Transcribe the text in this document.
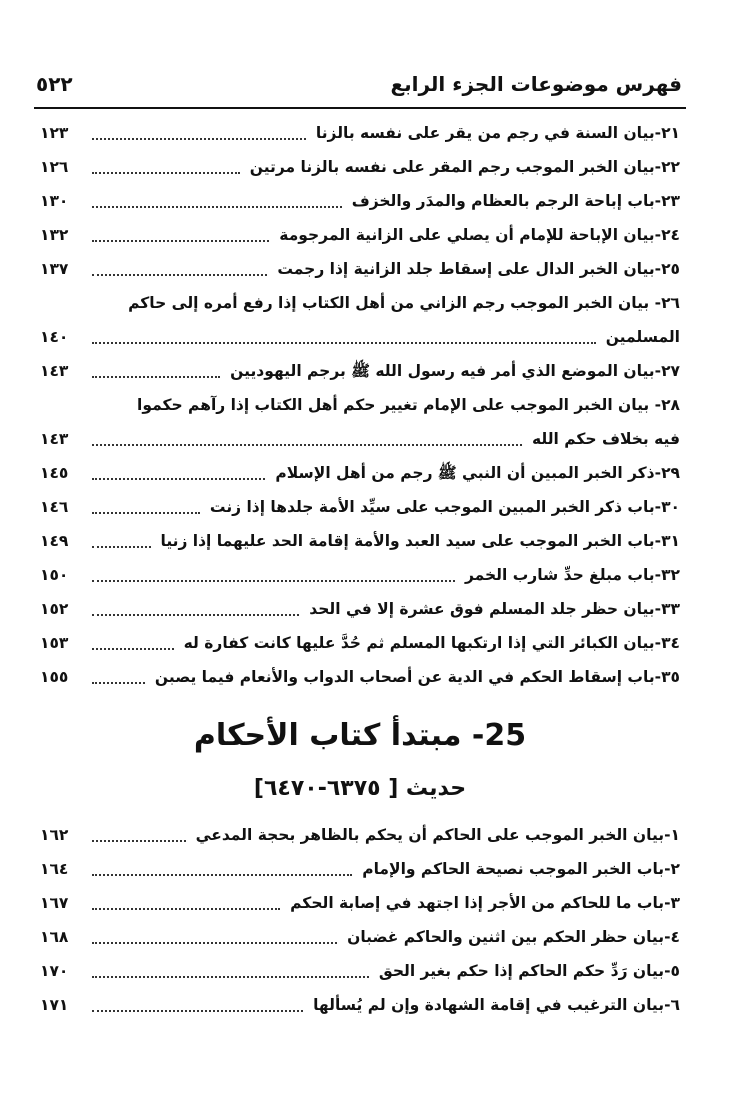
٥٢٢	فهرس موضوعات الجزء الرابع
٢١-
بيان السنة في رجم من يقر على نفسه بالزنا
١٢٣
٢٢-
بيان الخبر الموجب رجم المقر على نفسه بالزنا مرتين
١٢٦
٢٣-
باب إباحة الرجم بالعظام والمدَر والخزف
١٣٠
٢٤-
بيان الإباحة للإمام أن يصلي على الزانية المرجومة
١٣٢
٢٥-
بيان الخبر الدال على إسقاط جلد الزانية إذا رجمت
١٣٧
٢٦- بيان الخبر الموجب رجم الزاني من أهل الكتاب إذا رفع أمره إلى حاكم
المسلمين
١٤٠
٢٧-
بيان الموضع الذي أمر فيه رسول الله ﷺ برجم اليهوديين
١٤٣
٢٨- بيان الخبر الموجب على الإمام تغيير حكم أهل الكتاب إذا رآهم حكموا
فيه بخلاف حكم الله
١٤٣
٢٩-
ذكر الخبر المبين أن النبي ﷺ رجم من أهل الإسلام
١٤٥
٣٠-
باب ذكر الخبر المبين الموجب على سيِّد الأمة جلدها إذا زنت
١٤٦
٣١-
باب الخبر الموجب على سيد العبد والأمة إقامة الحد عليهما إذا زنيا
١٤٩
٣٢-
باب مبلغ حدِّ شارب الخمر
١٥٠
٣٣-
بيان حظر جلد المسلم فوق عشرة إلا في الحد
١٥٢
٣٤-
بيان الكبائر التي إذا ارتكبها المسلم ثم حُدَّ عليها كانت كفارة له
١٥٣
٣٥-
باب إسقاط الحكم في الدية عن أصحاب الدواب والأنعام فيما يصبن
١٥٥
25- مبتدأ كتاب الأحكام
حديث [ ٦٣٧٥-٦٤٧٠]
١-
بيان الخبر الموجب على الحاكم أن يحكم بالظاهر بحجة المدعي
١٦٢
٢-
باب الخبر الموجب نصيحة الحاكم والإمام
١٦٤
٣-
باب ما للحاكم من الأجر إذا اجتهد في إصابة الحكم
١٦٧
٤-
بيان حظر الحكم بين اثنين والحاكم غضبان
١٦٨
٥-
بيان رَدِّ حكم الحاكم إذا حكم بغير الحق
١٧٠
٦-
بيان الترغيب في إقامة الشهادة وإن لم يُسألها
١٧١
